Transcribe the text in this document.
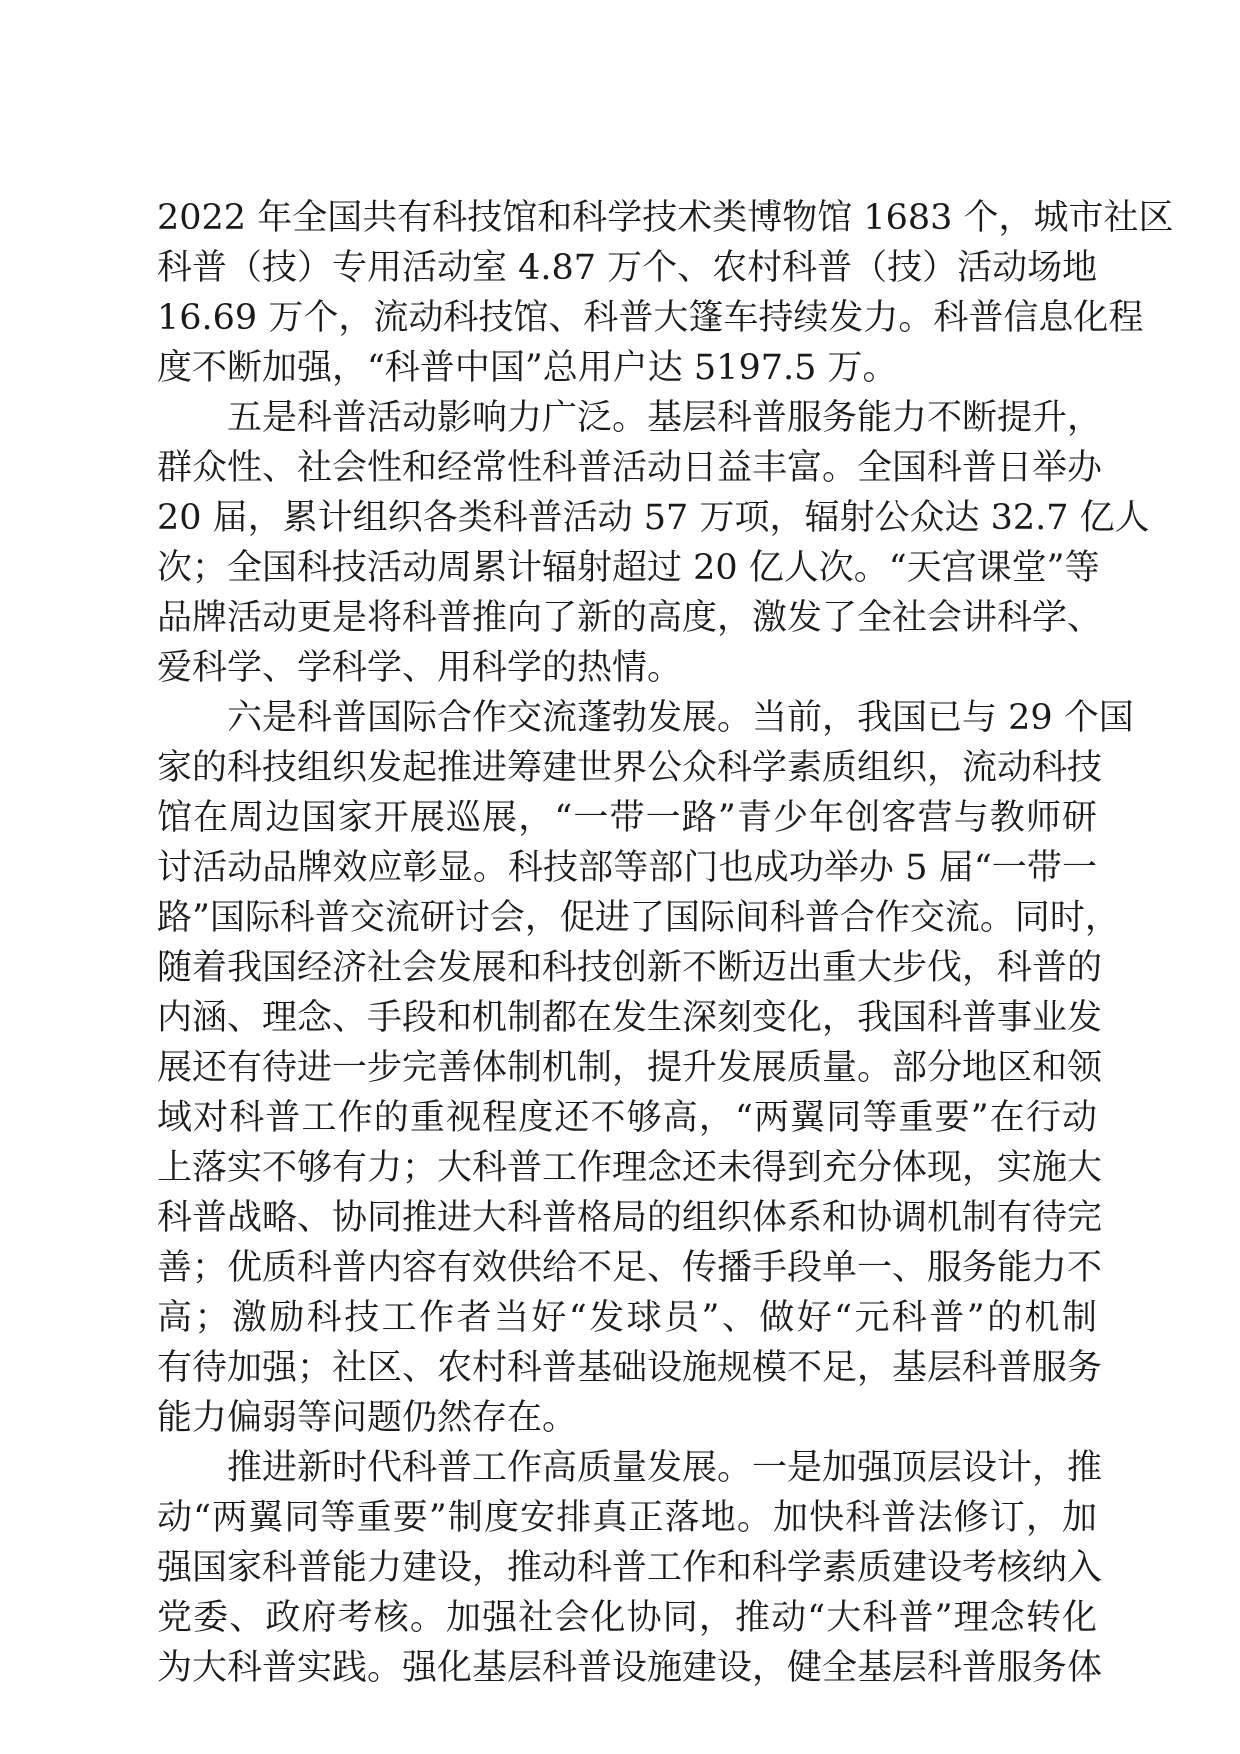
2022 年全国共有科技馆和科学技术类博物馆 1683 个，城市社区
科普（技）专用活动室 4.87 万个、农村科普（技）活动场地
16.69 万个，流动科技馆、科普大篷车持续发力。科普信息化程
度不断加强，“科普中国”总用户达 5197.5 万。
五是科普活动影响力广泛。基层科普服务能力不断提升，
群众性、社会性和经常性科普活动日益丰富。全国科普日举办
20 届，累计组织各类科普活动 57 万项，辐射公众达 32.7 亿人
次；全国科技活动周累计辐射超过 20 亿人次。“天宫课堂”等
品牌活动更是将科普推向了新的高度，激发了全社会讲科学、
爱科学、学科学、用科学的热情。
六是科普国际合作交流蓬勃发展。当前，我国已与 29 个国
家的科技组织发起推进筹建世界公众科学素质组织，流动科技
馆在周边国家开展巡展，“一带一路”青少年创客营与教师研
讨活动品牌效应彰显。科技部等部门也成功举办 5 届“一带一
路”国际科普交流研讨会，促进了国际间科普合作交流。同时，
随着我国经济社会发展和科技创新不断迈出重大步伐，科普的
内涵、理念、手段和机制都在发生深刻变化，我国科普事业发
展还有待进一步完善体制机制，提升发展质量。部分地区和领
域对科普工作的重视程度还不够高，“两翼同等重要”在行动
上落实不够有力；大科普工作理念还未得到充分体现，实施大
科普战略、协同推进大科普格局的组织体系和协调机制有待完
善；优质科普内容有效供给不足、传播手段单一、服务能力不
高；激励科技工作者当好“发球员”、做好“元科普”的机制
有待加强；社区、农村科普基础设施规模不足，基层科普服务
能力偏弱等问题仍然存在。
推进新时代科普工作高质量发展。一是加强顶层设计，推
动“两翼同等重要”制度安排真正落地。加快科普法修订，加
强国家科普能力建设，推动科普工作和科学素质建设考核纳入
党委、政府考核。加强社会化协同，推动“大科普”理念转化
为大科普实践。强化基层科普设施建设，健全基层科普服务体
